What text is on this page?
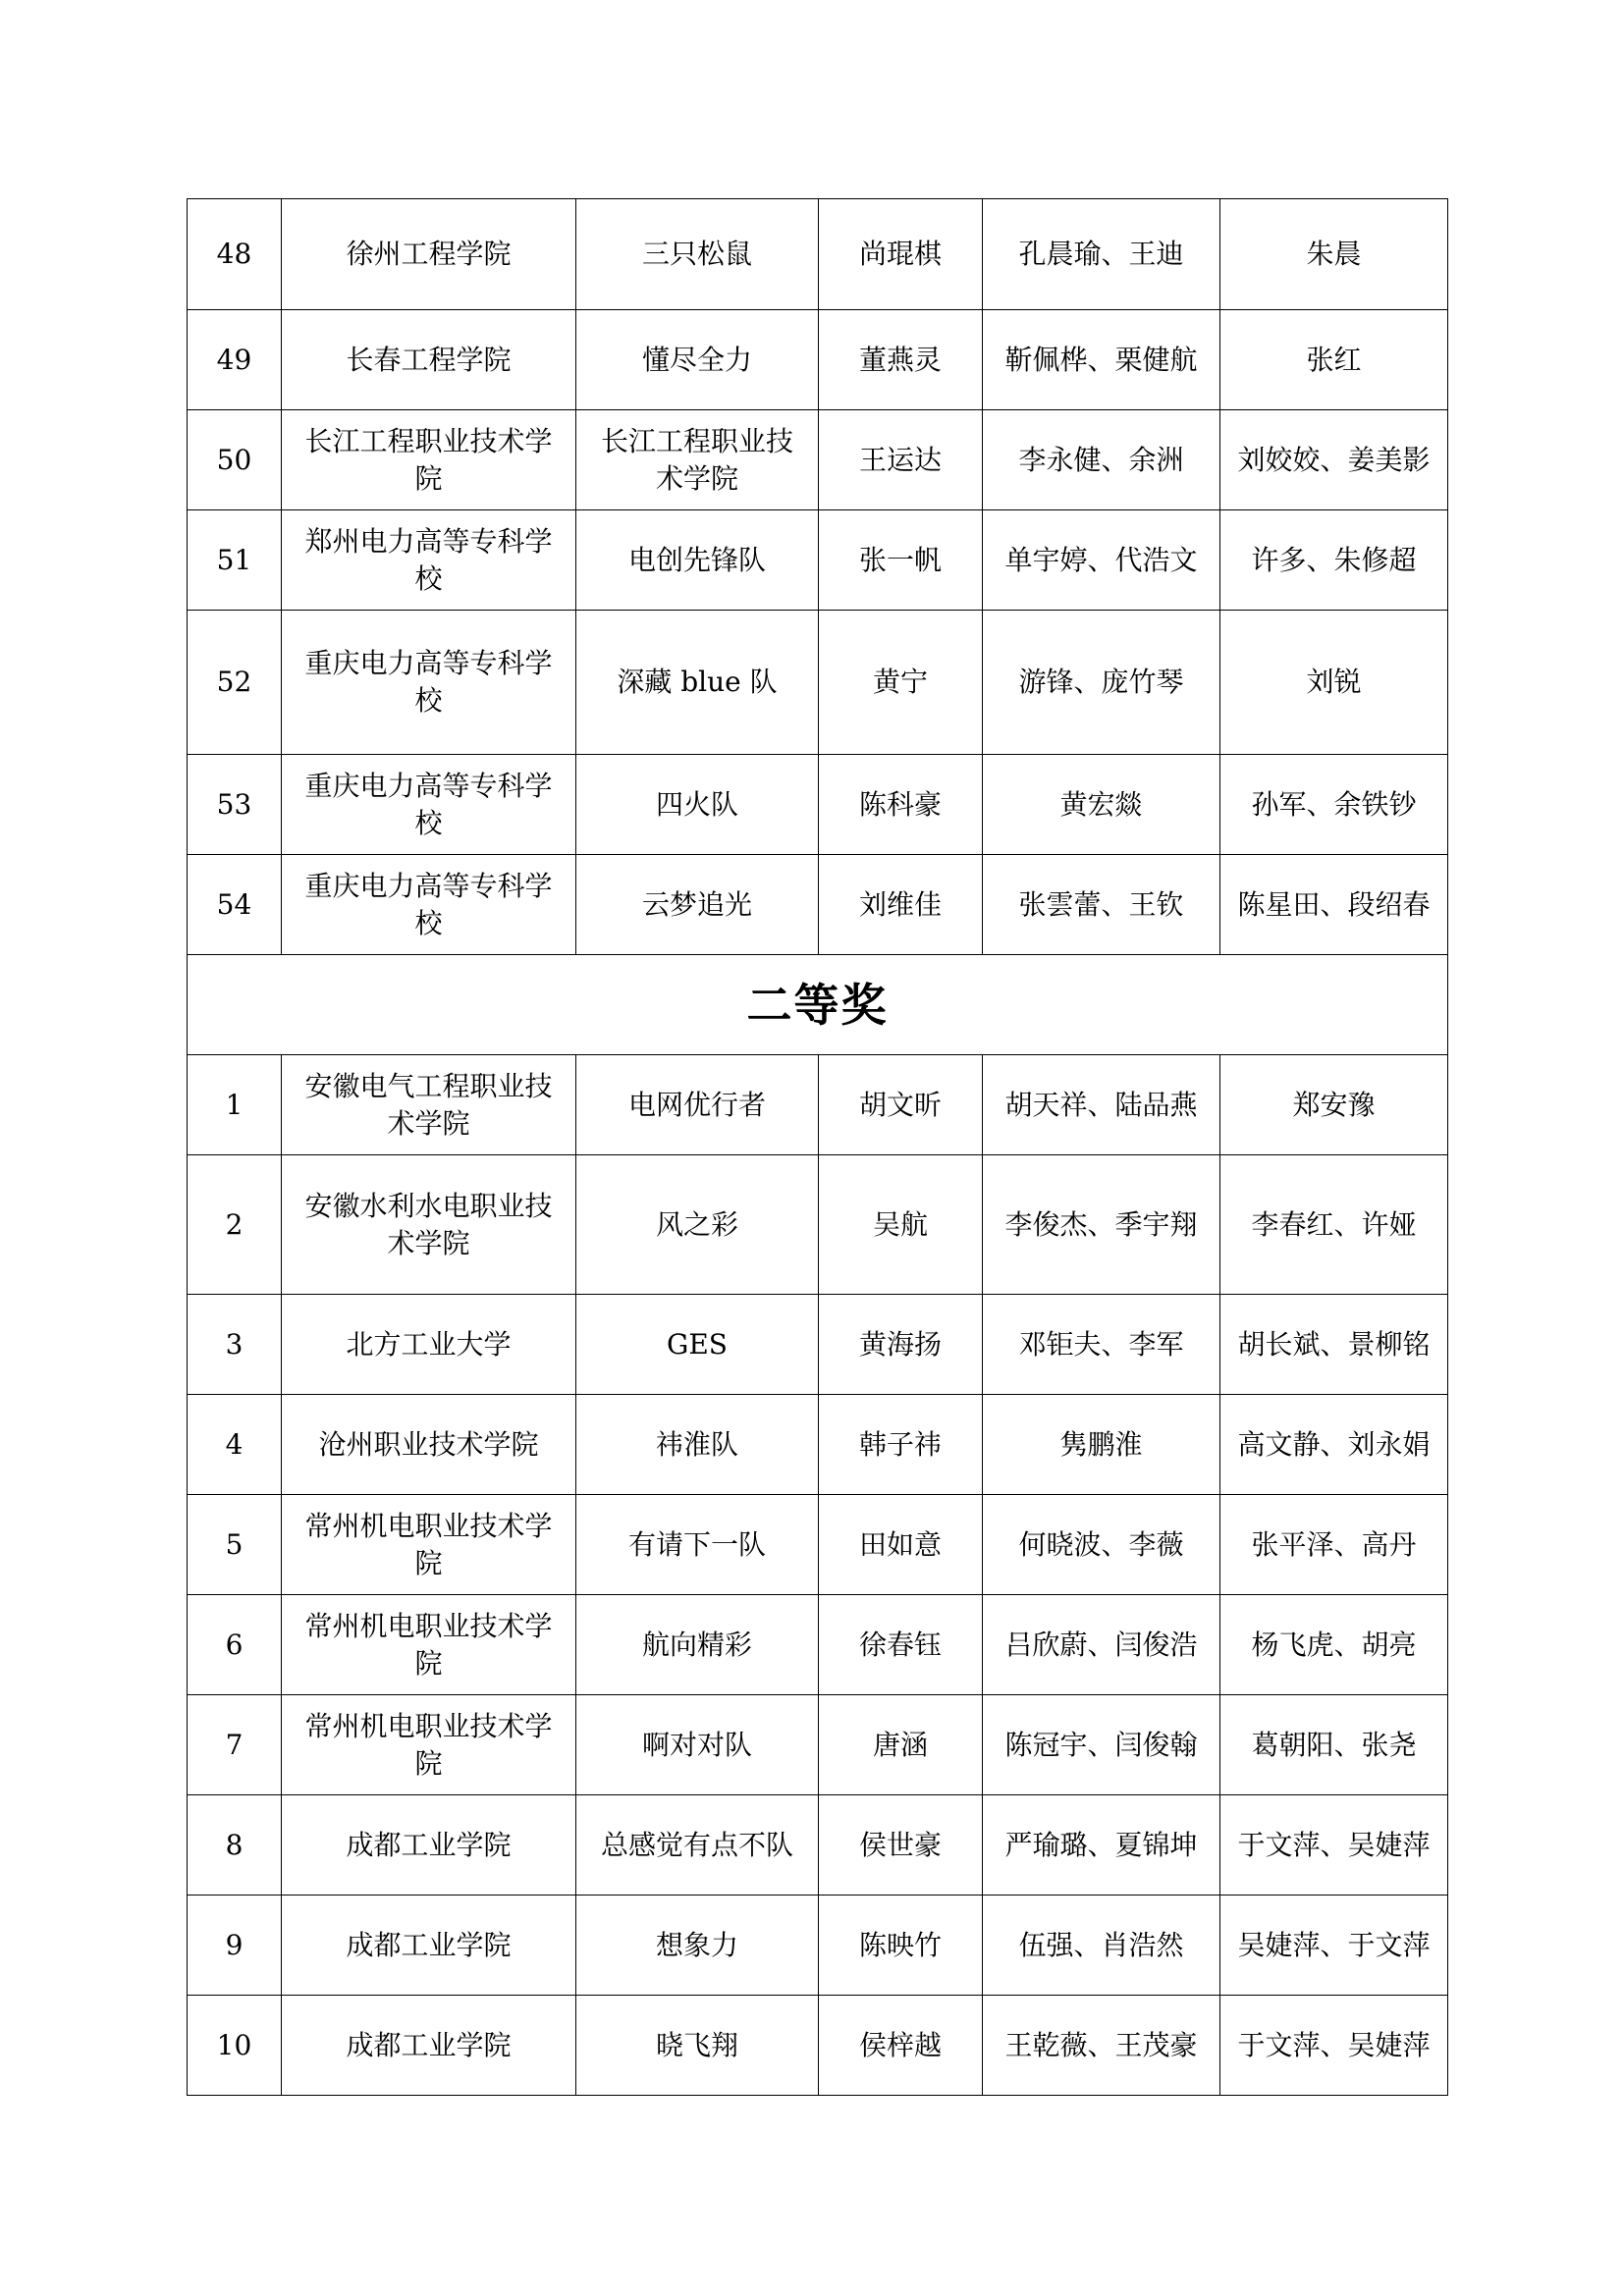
48	徐州工程学院	三只松鼠	尚琨棋	孔晨瑜、王迪	朱晨
49	长春工程学院	懂尽全力	董燕灵	靳佩桦、栗健航	张红
50	长江工程职业技术学院	长江工程职业技术学院	王运达	李永健、余洲	刘姣姣、姜美影
51	郑州电力高等专科学校	电创先锋队	张一帆	单宇婷、代浩文	许多、朱修超
52	重庆电力高等专科学校	深藏 blue 队	黄宁	游锋、庞竹琴	刘锐
53	重庆电力高等专科学校	四火队	陈科豪	黄宏燚	孙军、余铁钞
54	重庆电力高等专科学校	云梦追光	刘维佳	张雲蕾、王钦	陈星田、段绍春
二等奖					
1	安徽电气工程职业技术学院	电网优行者	胡文昕	胡天祥、陆品燕	郑安豫
2	安徽水利水电职业技术学院	风之彩	吴航	李俊杰、季宇翔	李春红、许娅
3	北方工业大学	GES	黄海扬	邓钜夫、李军	胡长斌、景柳铭
4	沧州职业技术学院	祎淮队	韩子祎	隽鹏淮	高文静、刘永娟
5	常州机电职业技术学院	有请下一队	田如意	何晓波、李薇	张平泽、高丹
6	常州机电职业技术学院	航向精彩	徐春钰	吕欣蔚、闫俊浩	杨飞虎、胡亮
7	常州机电职业技术学院	啊对对队	唐涵	陈冠宇、闫俊翰	葛朝阳、张尧
8	成都工业学院	总感觉有点不队	侯世豪	严瑜璐、夏锦坤	于文萍、吴婕萍
9	成都工业学院	想象力	陈映竹	伍强、肖浩然	吴婕萍、于文萍
10	成都工业学院	晓飞翔	侯梓越	王乾薇、王茂豪	于文萍、吴婕萍
